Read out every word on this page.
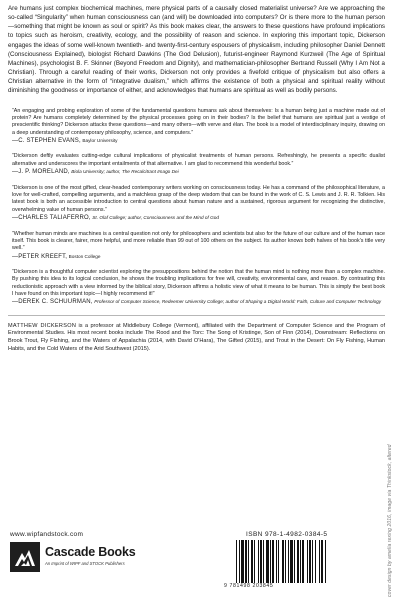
Are humans just complex biochemical machines, mere physical parts of a causally closed materialist universe? Are we approaching the so-called “Singularity” when human consciousness can (and will) be downloaded into computers? Or is there more to the human person—something that might be known as soul or spirit? As this book makes clear, the answers to these questions have profound implications to topics such as heroism, creativity, ecology, and the possibility of reason and science. In exploring this important topic, Dickerson engages the ideas of some well-known twentieth- and twenty-first-century espousers of physicalism, including philosopher Daniel Dennett (Consciousness Explained), biologist Richard Dawkins (The God Delusion), futurist-engineer Raymond Kurzweil (The Age of Spiritual Machines), psychologist B. F. Skinner (Beyond Freedom and Dignity), and mathematician-philosopher Bertrand Russell (Why I Am Not a Christian). Through a careful reading of their works, Dickerson not only provides a fivefold critique of physicalism but also offers a Christian alternative in the form of “integrative dualism,” which affirms the existence of both a physical and spiritual reality without diminishing the goodness or importance of either, and acknowledges that humans are spiritual as well as bodily persons.

“An engaging and probing exploration of some of the fundamental questions humans ask about themselves: Is a human being just a machine made out of protein? Are humans completely determined by the physical processes going on in their bodies? Is the belief that humans are spiritual just a vestige of prescientific thinking? Dickerson attacks these questions—and many others—with verve and élan. The book is a model of interdisciplinary inquiry, drawing on a deep understanding of contemporary philosophy, science, and computers.”

—C. STEPHEN EVANS, Baylor University

“Dickerson deftly evaluates cutting-edge cultural implications of physicalist treatments of human persons. Refreshingly, he presents a specific dualist alternative and underscores the important entailments of that alternative. I am glad to recommend this wonderful book.”

—J. P. MORELAND, Biola University; author, The Recalcitrant Imago Dei

“Dickerson is one of the most gifted, clear-headed contemporary writers working on consciousness today. He has a command of the philosophical literature, a love for well-crafted, compelling arguments, and a matchless grasp of the deep wisdom that can be found in the work of C. S. Lewis and J. R. R. Tolkien. His latest book is both an accessible introduction to central questions about human nature and a sustained, rigorous argument for recognizing the distinctive, overwhelming value of human persons.”

—CHARLES TALIAFERRO, St. Olaf College; author, Consciousness and the Mind of God

“Whether human minds are machines is a central question not only for philosophers and scientists but also for the future of our culture and of the human race itself. This book is clearer, fairer, more helpful, and more reliable than 99 out of 100 others on the subject. Its author knows both halves of his book’s title very well.”

—PETER KREEFT, Boston College

“Dickerson is a thoughtful computer scientist exploring the presuppositions behind the notion that the human mind is nothing more than a complex machine. By pushing this idea to its logical conclusion, he shows the troubling implications for free will, creativity, environmental care, and reason. By contrasting this reductionistic approach with a view informed by the biblical story, Dickerson affirms a holistic view of what it means to be human. This is simply the best book I have found on this important topic—I highly recommend it!”

—DEREK C. SCHUURMAN, Professor of Computer Science, Redeemer University College; author of Shaping a Digital World: Faith, Culture and Computer Technology

MATTHEW DICKERSON is a professor at Middlebury College (Vermont), affiliated with the Department of Computer Science and the Program of Environmental Studies. His most recent books include The Rood and the Torc: The Song of Kristinge, Son of Finn (2014), Downstream: Reflections on Brook Trout, Fly Fishing, and the Waters of Appalachia (2014, with David O’Hara), The Gifted (2015), and Trout in the Desert: On Fly Fishing, Human Habits, and the Cold Waters of the Arid Southwest (2015).

www.wipfandstock.com
Cascade Books
An Imprint of WIPF and STOCK Publishers
ISBN 978-1-4982-0384-5
9 781498 203845	cover design by amelia rexing 2016, image via Thinkstock, altered
